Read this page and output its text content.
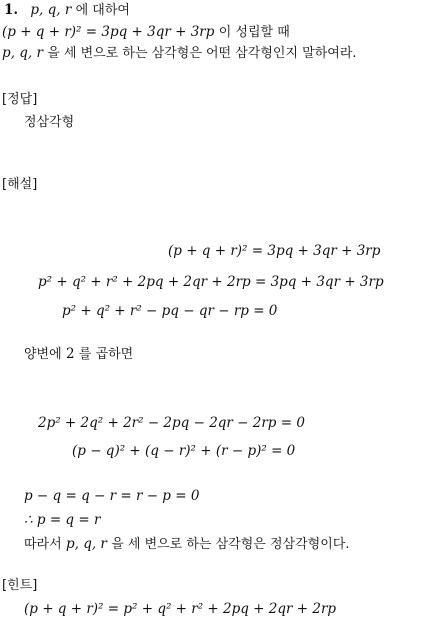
1. p, q, r 에 대하여
(p + q + r)² = 3pq + 3qr + 3rp 이 성립할 때
p, q, r 을 세 변으로 하는 삼각형은 어떤 삼각형인지 말하여라.
[정답]
정삼각형
[해설]
(p + q + r)² = 3pq + 3qr + 3rp
p² + q² + r² + 2pq + 2qr + 2rp = 3pq + 3qr + 3rp
p² + q² + r² − pq − qr − rp = 0
양변에 2 를 곱하면
2p² + 2q² + 2r² − 2pq − 2qr − 2rp = 0
(p − q)² + (q − r)² + (r − p)² = 0
p − q = q − r = r − p = 0
∴ p = q = r
따라서 p, q, r 을 세 변으로 하는 삼각형은 정삼각형이다.
[힌트]
(p + q + r)² = p² + q² + r² + 2pq + 2qr + 2rp
